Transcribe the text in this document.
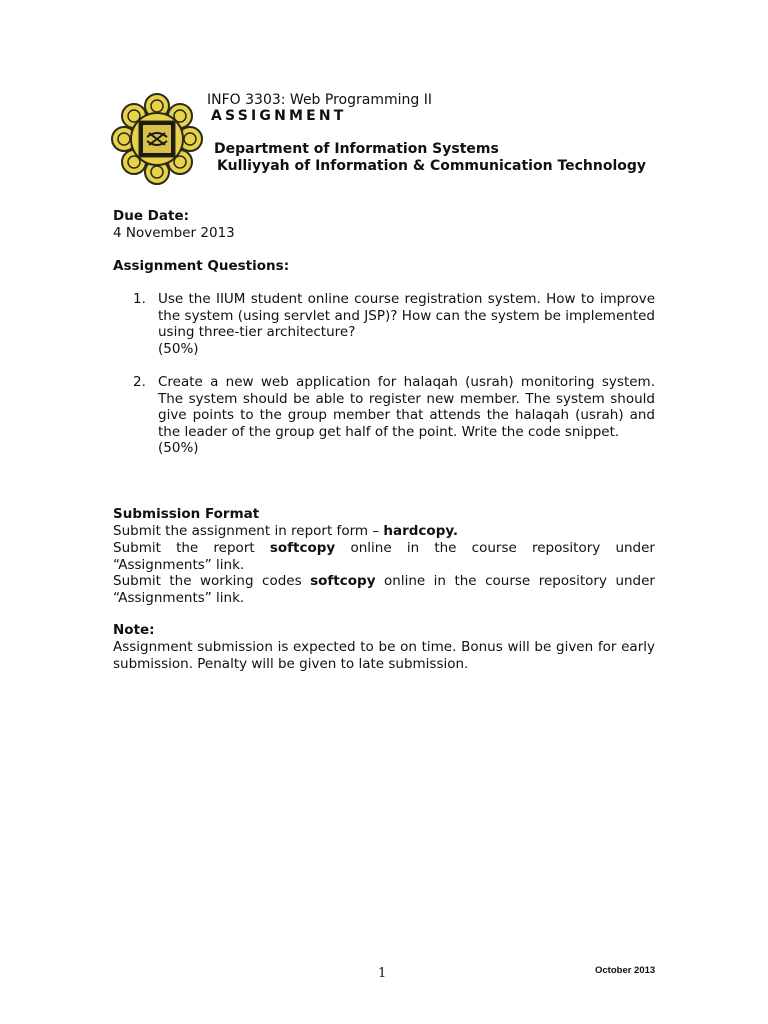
INFO 3303: Web Programming II
ASSIGNMENT
Department of Information Systems
Kulliyyah of Information & Communication Technology
Due Date:
4 November 2013
Assignment Questions:
1. Use the IIUM student online course registration system. How to improve the system (using servlet and JSP)? How can the system be implemented using three-tier architecture?
(50%)
2. Create a new web application for halaqah (usrah) monitoring system. The system should be able to register new member. The system should give points to the group member that attends the halaqah (usrah) and the leader of the group get half of the point. Write the code snippet.
(50%)
Submission Format
Submit the assignment in report form – hardcopy.
Submit the report softcopy online in the course repository under “Assignments” link.
Submit the working codes softcopy online in the course repository under “Assignments” link.
Note:
Assignment submission is expected to be on time. Bonus will be given for early submission. Penalty will be given to late submission.
1	October 2013
